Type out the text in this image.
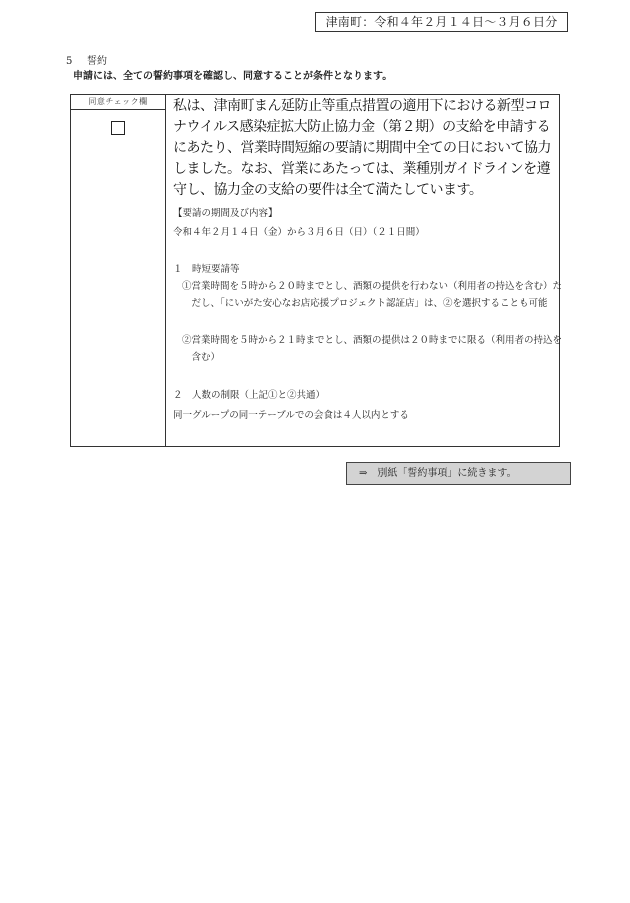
津南町：令和４年２月１４日～３月６日分
5 誓約
申請には、全ての誓約事項を確認し、同意することが条件となります。
同意チェック欄	私は、津南町まん延防止等重点措置の適用下における新型コロナウイルス感染症拡大防止協力金（第２期）の支給を申請するにあたり、営業時間短縮の要請に期間中全ての日において協力しました。なお、営業にあたっては、業種別ガイドラインを遵守し、協力金の支給の要件は全て満たしています。

【要請の期間及び内容】

令和４年２月１４日（金）から３月６日（日）（２１日間）

１　時短要請等

①営業時間を５時から２０時までとし、酒類の提供を行わない（利用者の持込を含む）ただし、「にいがた安心なお店応援プロジェクト認証店」は、②を選択することも可能

②営業時間を５時から２１時までとし、酒類の提供は２０時までに限る（利用者の持込を含む）

２　人数の制限（上記①と②共通）

同一グループの同一テーブルでの会食は４人以内とする

⇒　別紙「誓約事項」に続きます。
